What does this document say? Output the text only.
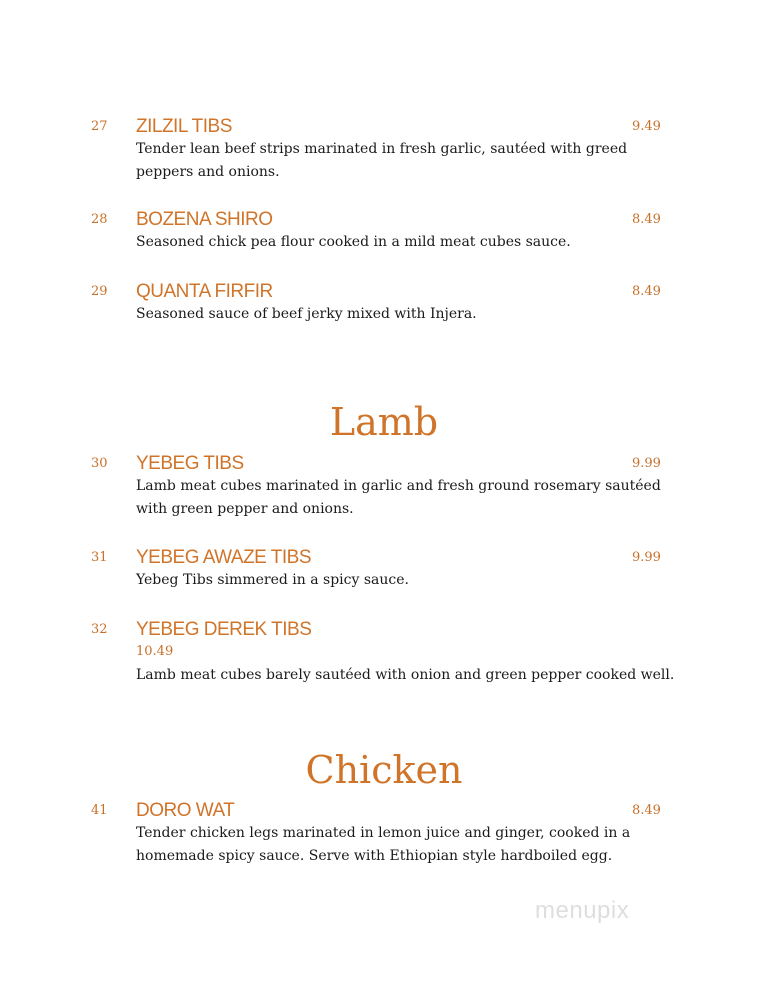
27 ZILZIL TIBS	9.49
Tender lean beef strips marinated in fresh garlic, sautéed with greed peppers and onions.
28 BOZENA SHIRO	8.49
Seasoned chick pea flour cooked in a mild meat cubes sauce.
29 QUANTA FIRFIR	8.49
Seasoned sauce of beef jerky mixed with Injera.
Lamb
30 YEBEG TIBS	9.99
Lamb meat cubes marinated in garlic and fresh ground rosemary sautéed with green pepper and onions.
31 YEBEG AWAZE TIBS	9.99
Yebeg Tibs simmered in a spicy sauce.
32 YEBEG DEREK TIBS
10.49
Lamb meat cubes barely sautéed with onion and green pepper cooked well.
Chicken
41 DORO WAT	8.49
Tender chicken legs marinated in lemon juice and ginger, cooked in a homemade spicy sauce. Serve with Ethiopian style hardboiled egg.
menupix
